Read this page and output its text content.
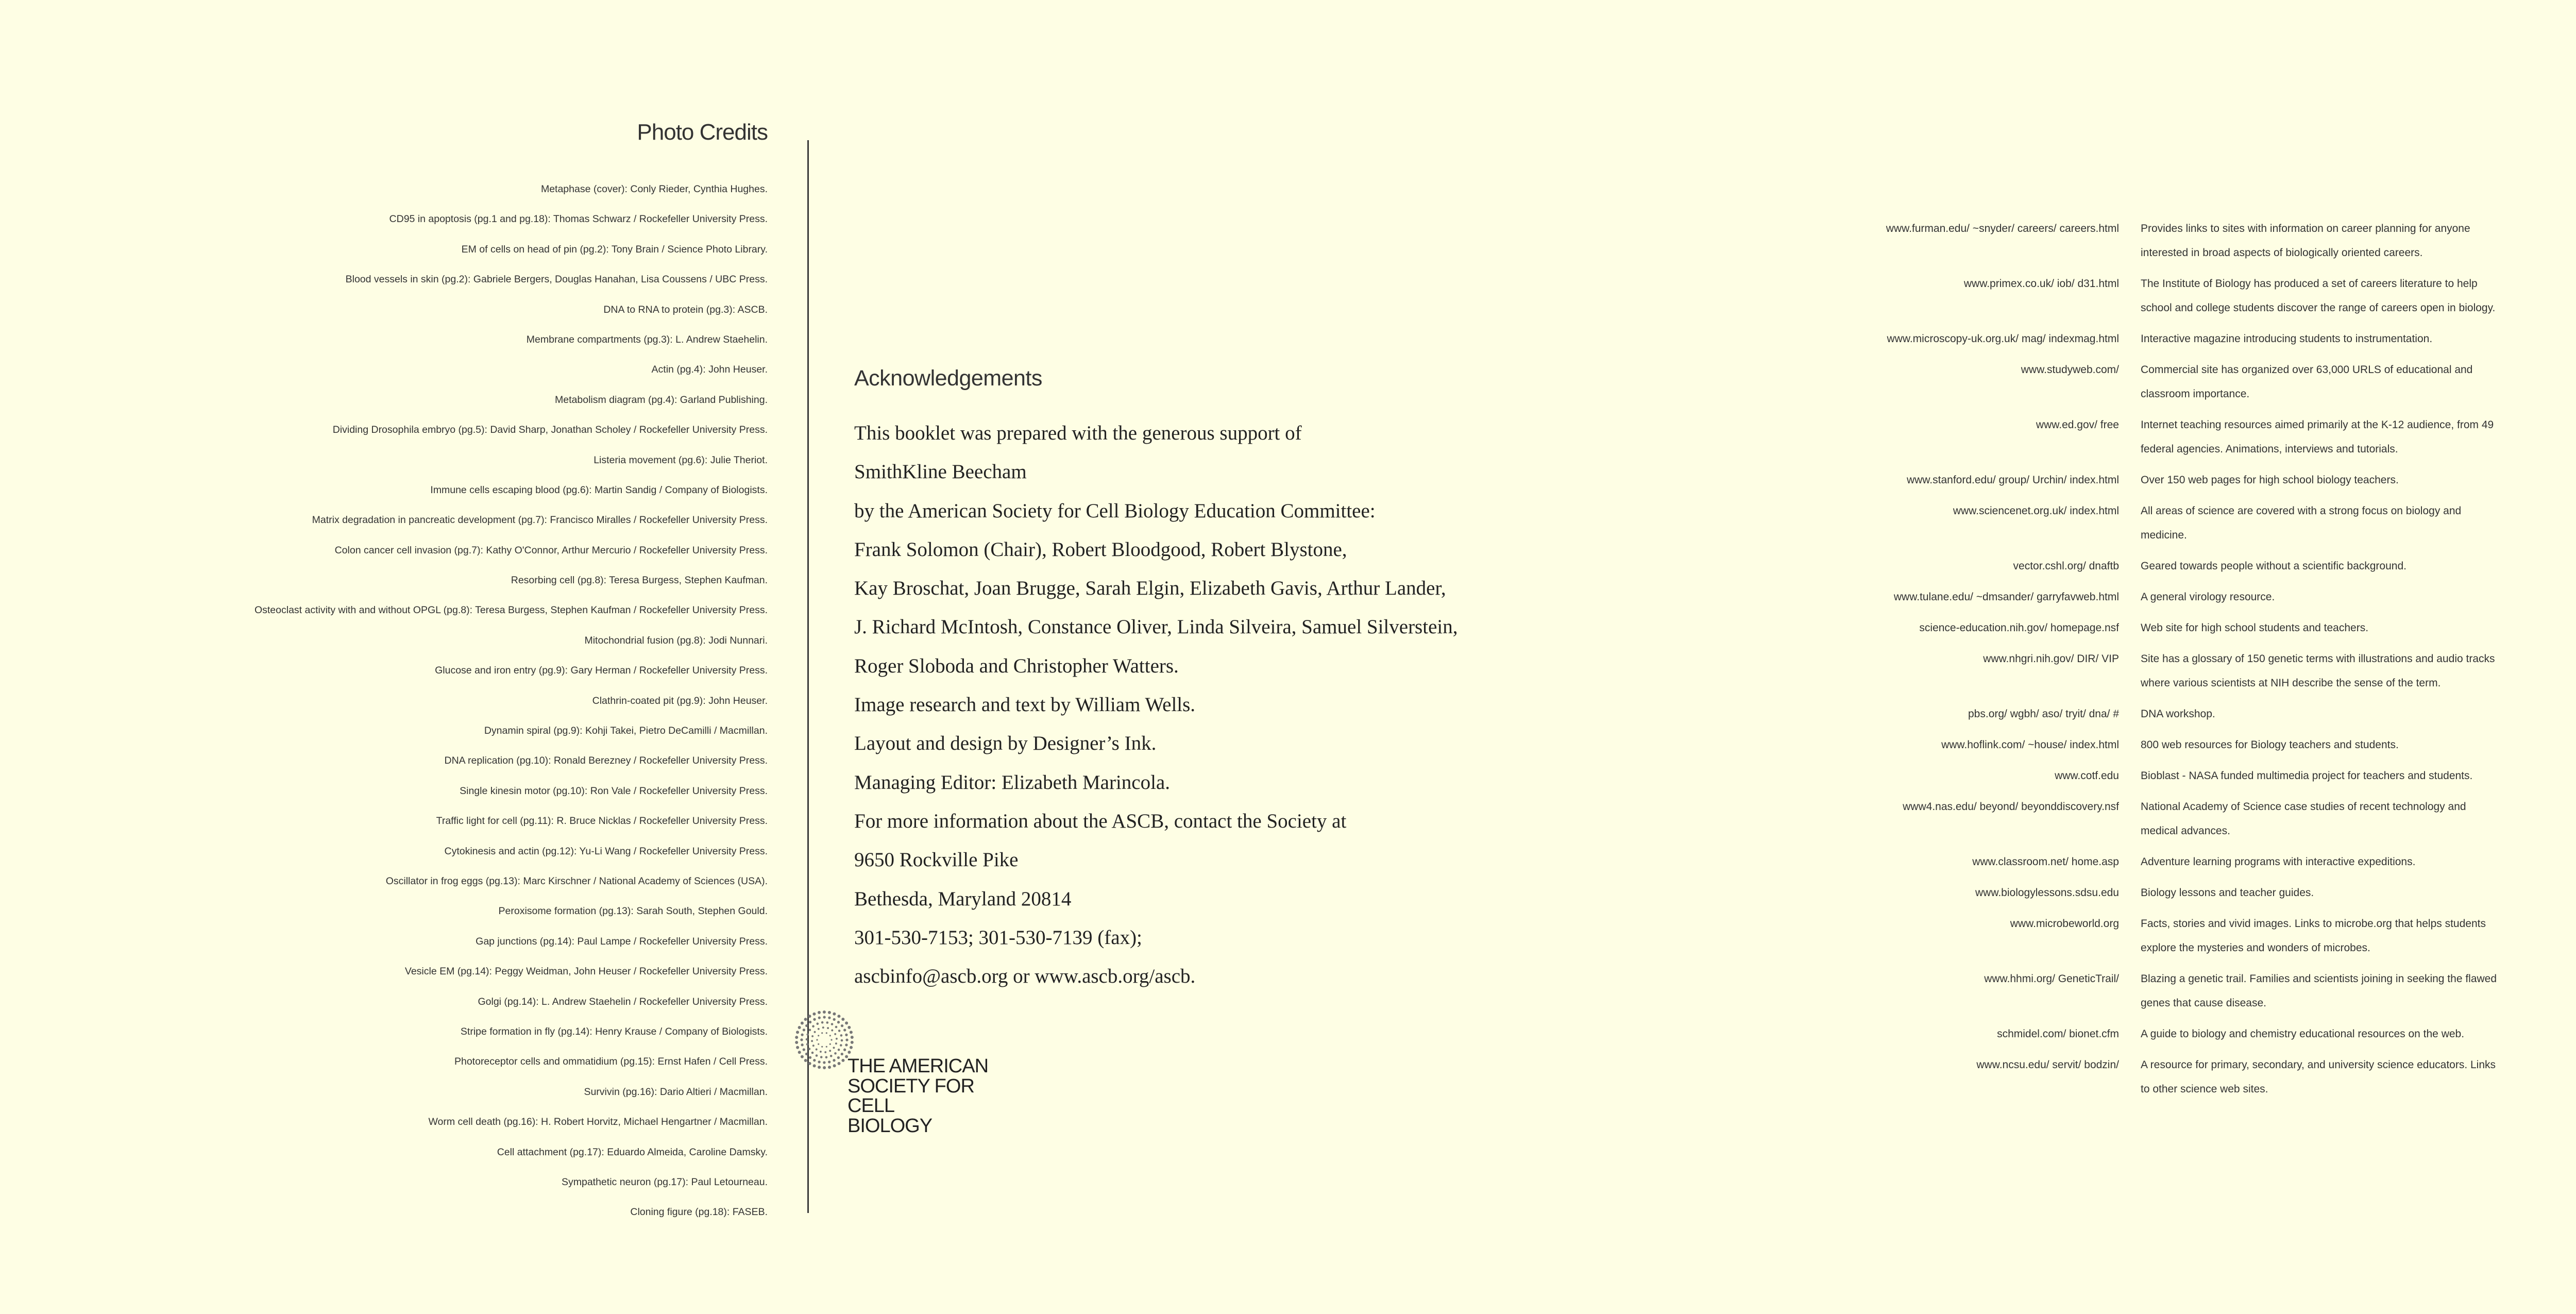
Photo Credits
Metaphase (cover): Conly Rieder, Cynthia Hughes.
CD95 in apoptosis (pg.1 and pg.18): Thomas Schwarz / Rockefeller University Press.
EM of cells on head of pin (pg.2): Tony Brain / Science Photo Library.
Blood vessels in skin (pg.2): Gabriele Bergers, Douglas Hanahan, Lisa Coussens / UBC Press.
DNA to RNA to protein (pg.3): ASCB.
Membrane compartments (pg.3): L. Andrew Staehelin.
Actin (pg.4): John Heuser.
Metabolism diagram (pg.4): Garland Publishing.
Dividing Drosophila embryo (pg.5): David Sharp, Jonathan Scholey / Rockefeller University Press.
Listeria movement (pg.6): Julie Theriot.
Immune cells escaping blood (pg.6): Martin Sandig / Company of Biologists.
Matrix degradation in pancreatic development (pg.7): Francisco Miralles / Rockefeller University Press.
Colon cancer cell invasion (pg.7): Kathy O'Connor, Arthur Mercurio / Rockefeller University Press.
Resorbing cell (pg.8): Teresa Burgess, Stephen Kaufman.
Osteoclast activity with and without OPGL (pg.8): Teresa Burgess, Stephen Kaufman / Rockefeller University Press.
Mitochondrial fusion (pg.8): Jodi Nunnari.
Glucose and iron entry (pg.9): Gary Herman / Rockefeller University Press.
Clathrin-coated pit (pg.9): John Heuser.
Dynamin spiral (pg.9): Kohji Takei, Pietro DeCamilli / Macmillan.
DNA replication (pg.10): Ronald Berezney / Rockefeller University Press.
Single kinesin motor (pg.10): Ron Vale / Rockefeller University Press.
Traffic light for cell (pg.11): R. Bruce Nicklas / Rockefeller University Press.
Cytokinesis and actin (pg.12): Yu-Li Wang / Rockefeller University Press.
Oscillator in frog eggs (pg.13): Marc Kirschner / National Academy of Sciences (USA).
Peroxisome formation (pg.13): Sarah South, Stephen Gould.
Gap junctions (pg.14): Paul Lampe / Rockefeller University Press.
Vesicle EM (pg.14): Peggy Weidman, John Heuser / Rockefeller University Press.
Golgi (pg.14): L. Andrew Staehelin / Rockefeller University Press.
Stripe formation in fly (pg.14): Henry Krause / Company of Biologists.
Photoreceptor cells and ommatidium (pg.15): Ernst Hafen / Cell Press.
Survivin (pg.16): Dario Altieri / Macmillan.
Worm cell death (pg.16): H. Robert Horvitz, Michael Hengartner / Macmillan.
Cell attachment (pg.17): Eduardo Almeida, Caroline Damsky.
Sympathetic neuron (pg.17): Paul Letourneau.
Cloning figure (pg.18): FASEB.
Acknowledgements
This booklet was prepared with the generous support of
SmithKline Beecham
by the American Society for Cell Biology Education Committee:
Frank Solomon (Chair), Robert Bloodgood, Robert Blystone,
Kay Broschat, Joan Brugge, Sarah Elgin, Elizabeth Gavis, Arthur Lander,
J. Richard McIntosh, Constance Oliver, Linda Silveira, Samuel Silverstein,
Roger Sloboda and Christopher Watters.
Image research and text by William Wells.
Layout and design by Designer’s Ink.
Managing Editor: Elizabeth Marincola.
For more information about the ASCB, contact the Society at
9650 Rockville Pike
Bethesda, Maryland 20814
301-530-7153; 301-530-7139 (fax);
ascbinfo@ascb.org or www.ascb.org/ascb.
THE AMERICAN
SOCIETY FOR
CELL
BIOLOGY
www.furman.edu/ ~snyder/ careers/ careers.html	Provides links to sites with information on career planning for anyone interested in broad aspects of biologically oriented careers.
www.primex.co.uk/ iob/ d31.html	The Institute of Biology has produced a set of careers literature to help school and college students discover the range of careers open in biology.
www.microscopy-uk.org.uk/ mag/ indexmag.html	Interactive magazine introducing students to instrumentation.
www.studyweb.com/	Commercial site has organized over 63,000 URLS of educational and classroom importance.
www.ed.gov/ free	Internet teaching resources aimed primarily at the K-12 audience, from 49 federal agencies. Animations, interviews and tutorials.
www.stanford.edu/ group/ Urchin/ index.html	Over 150 web pages for high school biology teachers.
www.sciencenet.org.uk/ index.html	All areas of science are covered with a strong focus on biology and medicine.
vector.cshl.org/ dnaftb	Geared towards people without a scientific background.
www.tulane.edu/ ~dmsander/ garryfavweb.html	A general virology resource.
science-education.nih.gov/ homepage.nsf	Web site for high school students and teachers.
www.nhgri.nih.gov/ DIR/ VIP	Site has a glossary of 150 genetic terms with illustrations and audio tracks where various scientists at NIH describe the sense of the term.
pbs.org/ wgbh/ aso/ tryit/ dna/ #	DNA workshop.
www.hoflink.com/ ~house/ index.html	800 web resources for Biology teachers and students.
www.cotf.edu	Bioblast - NASA funded multimedia project for teachers and students.
www4.nas.edu/ beyond/ beyonddiscovery.nsf	National Academy of Science case studies of recent technology and medical advances.
www.classroom.net/ home.asp	Adventure learning programs with interactive expeditions.
www.biologylessons.sdsu.edu	Biology lessons and teacher guides.
www.microbeworld.org	Facts, stories and vivid images. Links to microbe.org that helps students explore the mysteries and wonders of microbes.
www.hhmi.org/ GeneticTrail/	Blazing a genetic trail. Families and scientists joining in seeking the flawed genes that cause disease.
schmidel.com/ bionet.cfm	A guide to biology and chemistry educational resources on the web.
www.ncsu.edu/ servit/ bodzin/	A resource for primary, secondary, and university science educators. Links to other science web sites.
